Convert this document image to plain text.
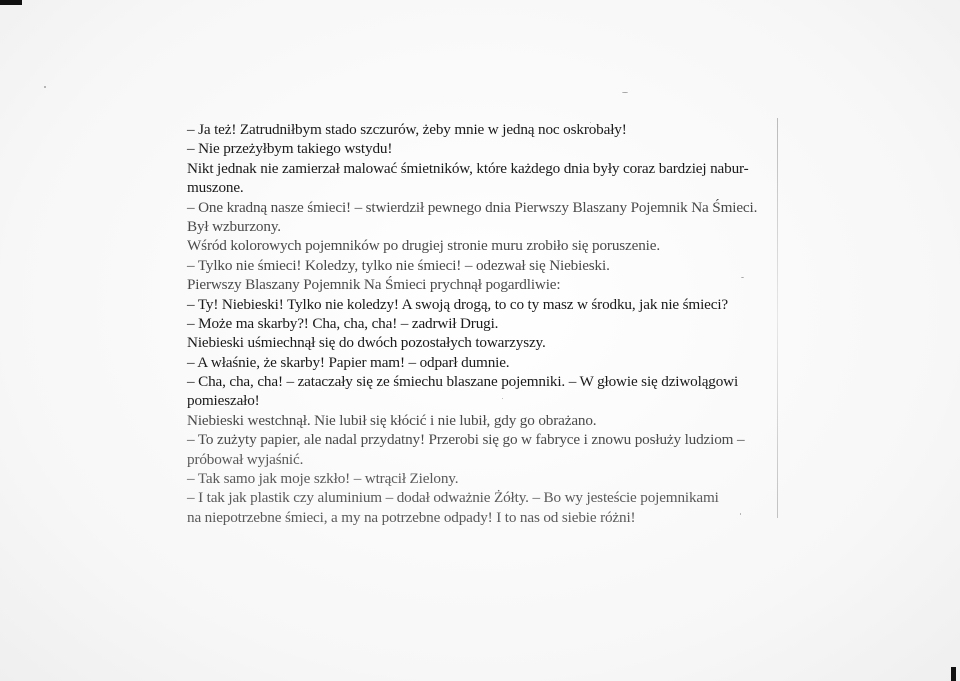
– Ja też! Zatrudniłbym stado szczurów, żeby mnie w jedną noc oskrobały!
– Nie przeżyłbym takiego wstydu!
Nikt jednak nie zamierzał malować śmietników, które każdego dnia były coraz bardziej nabur-
muszone.
– One kradną nasze śmieci! – stwierdził pewnego dnia Pierwszy Blaszany Pojemnik Na Śmieci.
Był wzburzony.
Wśród kolorowych pojemników po drugiej stronie muru zrobiło się poruszenie.
– Tylko nie śmieci! Koledzy, tylko nie śmieci! – odezwał się Niebieski.
Pierwszy Blaszany Pojemnik Na Śmieci prychnął pogardliwie:
– Ty! Niebieski! Tylko nie koledzy! A swoją drogą, to co ty masz w środku, jak nie śmieci?
– Może ma skarby?! Cha, cha, cha! – zadrwił Drugi.
Niebieski uśmiechnął się do dwóch pozostałych towarzyszy.
– A właśnie, że skarby! Papier mam! – odparł dumnie.
– Cha, cha, cha! – zataczały się ze śmiechu blaszane pojemniki. – W głowie się dziwolągowi
pomieszało!
Niebieski westchnął. Nie lubił się kłócić i nie lubił, gdy go obrażano.
– To zużyty papier, ale nadal przydatny! Przerobi się go w fabryce i znowu posłuży ludziom –
próbował wyjaśnić.
– Tak samo jak moje szkło! – wtrącił Zielony.
– I tak jak plastik czy aluminium – dodał odważnie Żółty. – Bo wy jesteście pojemnikami
na niepotrzebne śmieci, a my na potrzebne odpady! I to nas od siebie różni!
